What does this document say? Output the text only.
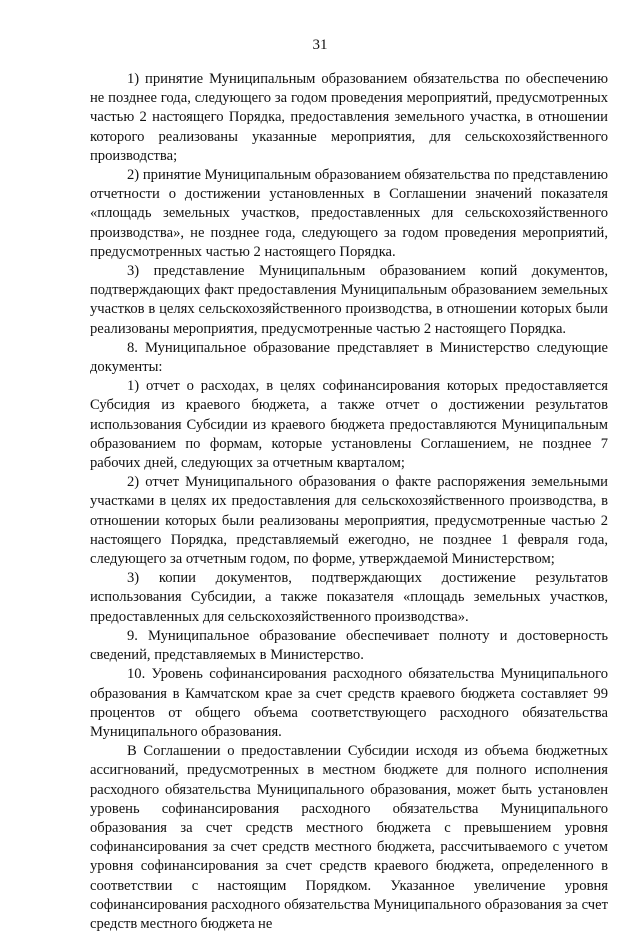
31

1) принятие Муниципальным образованием обязательства по обеспечению не позднее года, следующего за годом проведения мероприятий, предусмотренных частью 2 настоящего Порядка, предоставления земельного участка, в отношении которого реализованы указанные мероприятия, для сельскохозяйственного производства;

2) принятие Муниципальным образованием обязательства по представлению отчетности о достижении установленных в Соглашении значений показателя «площадь земельных участков, предоставленных для сельскохозяйственного производства», не позднее года, следующего за годом проведения мероприятий, предусмотренных частью 2 настоящего Порядка.

3) представление Муниципальным образованием копий документов, подтверждающих факт предоставления Муниципальным образованием земельных участков в целях сельскохозяйственного производства, в отношении которых были реализованы мероприятия, предусмотренные частью 2 настоящего Порядка.

8. Муниципальное образование представляет в Министерство следующие документы:

1) отчет о расходах, в целях софинансирования которых предоставляется Субсидия из краевого бюджета, а также отчет о достижении результатов использования Субсидии из краевого бюджета предоставляются Муниципальным образованием по формам, которые установлены Соглашением, не позднее 7 рабочих дней, следующих за отчетным кварталом;

2) отчет Муниципального образования о факте распоряжения земельными участками в целях их предоставления для сельскохозяйственного производства, в отношении которых были реализованы мероприятия, предусмотренные частью 2 настоящего Порядка, представляемый ежегодно, не позднее 1 февраля года, следующего за отчетным годом, по форме, утверждаемой Министерством;

3) копии документов, подтверждающих достижение результатов использования Субсидии, а также показателя «площадь земельных участков, предоставленных для сельскохозяйственного производства».

9. Муниципальное образование обеспечивает полноту и достоверность сведений, представляемых в Министерство.

10. Уровень софинансирования расходного обязательства Муниципального образования в Камчатском крае за счет средств краевого бюджета составляет 99 процентов от общего объема соответствующего расходного обязательства Муниципального образования.

В Соглашении о предоставлении Субсидии исходя из объема бюджетных ассигнований, предусмотренных в местном бюджете для полного исполнения расходного обязательства Муниципального образования, может быть установлен уровень софинансирования расходного обязательства Муниципального образования за счет средств местного бюджета с превышением уровня софинансирования за счет средств местного бюджета, рассчитываемого с учетом уровня софинансирования за счет средств краевого бюджета, определенного в соответствии с настоящим Порядком. Указанное увеличение уровня софинансирования расходного обязательства Муниципального образования за счет средств местного бюджета не
